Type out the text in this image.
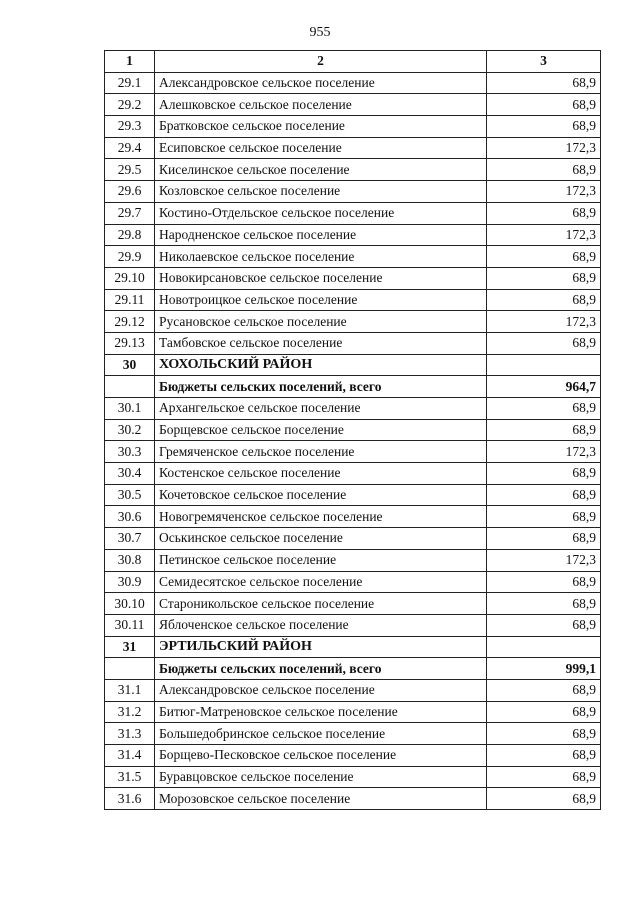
955
1	2	3
29.1	Александровское сельское поселение	68,9
29.2	Алешковское сельское поселение	68,9
29.3	Братковское сельское поселение	68,9
29.4	Есиповское сельское поселение	172,3
29.5	Киселинское сельское поселение	68,9
29.6	Козловское сельское поселение	172,3
29.7	Костино-Отдельское сельское поселение	68,9
29.8	Народненское сельское поселение	172,3
29.9	Николаевское сельское поселение	68,9
29.10	Новокирсановское сельское поселение	68,9
29.11	Новотроицкое сельское поселение	68,9
29.12	Русановское сельское поселение	172,3
29.13	Тамбовское сельское поселение	68,9
30	ХОХОЛЬСКИЙ РАЙОН	
	Бюджеты сельских поселений, всего	964,7
30.1	Архангельское сельское поселение	68,9
30.2	Борщевское сельское поселение	68,9
30.3	Гремяченское сельское поселение	172,3
30.4	Костенское сельское поселение	68,9
30.5	Кочетовское сельское поселение	68,9
30.6	Новогремяченское сельское поселение	68,9
30.7	Оськинское сельское поселение	68,9
30.8	Петинское сельское поселение	172,3
30.9	Семидесятское сельское поселение	68,9
30.10	Староникольское сельское поселение	68,9
30.11	Яблоченское сельское поселение	68,9
31	ЭРТИЛЬСКИЙ РАЙОН	
	Бюджеты сельских поселений, всего	999,1
31.1	Александровское сельское поселение	68,9
31.2	Битюг-Матреновское сельское поселение	68,9
31.3	Большедобринское сельское поселение	68,9
31.4	Борщево-Песковское сельское поселение	68,9
31.5	Буравцовское сельское поселение	68,9
31.6	Морозовское сельское поселение	68,9
